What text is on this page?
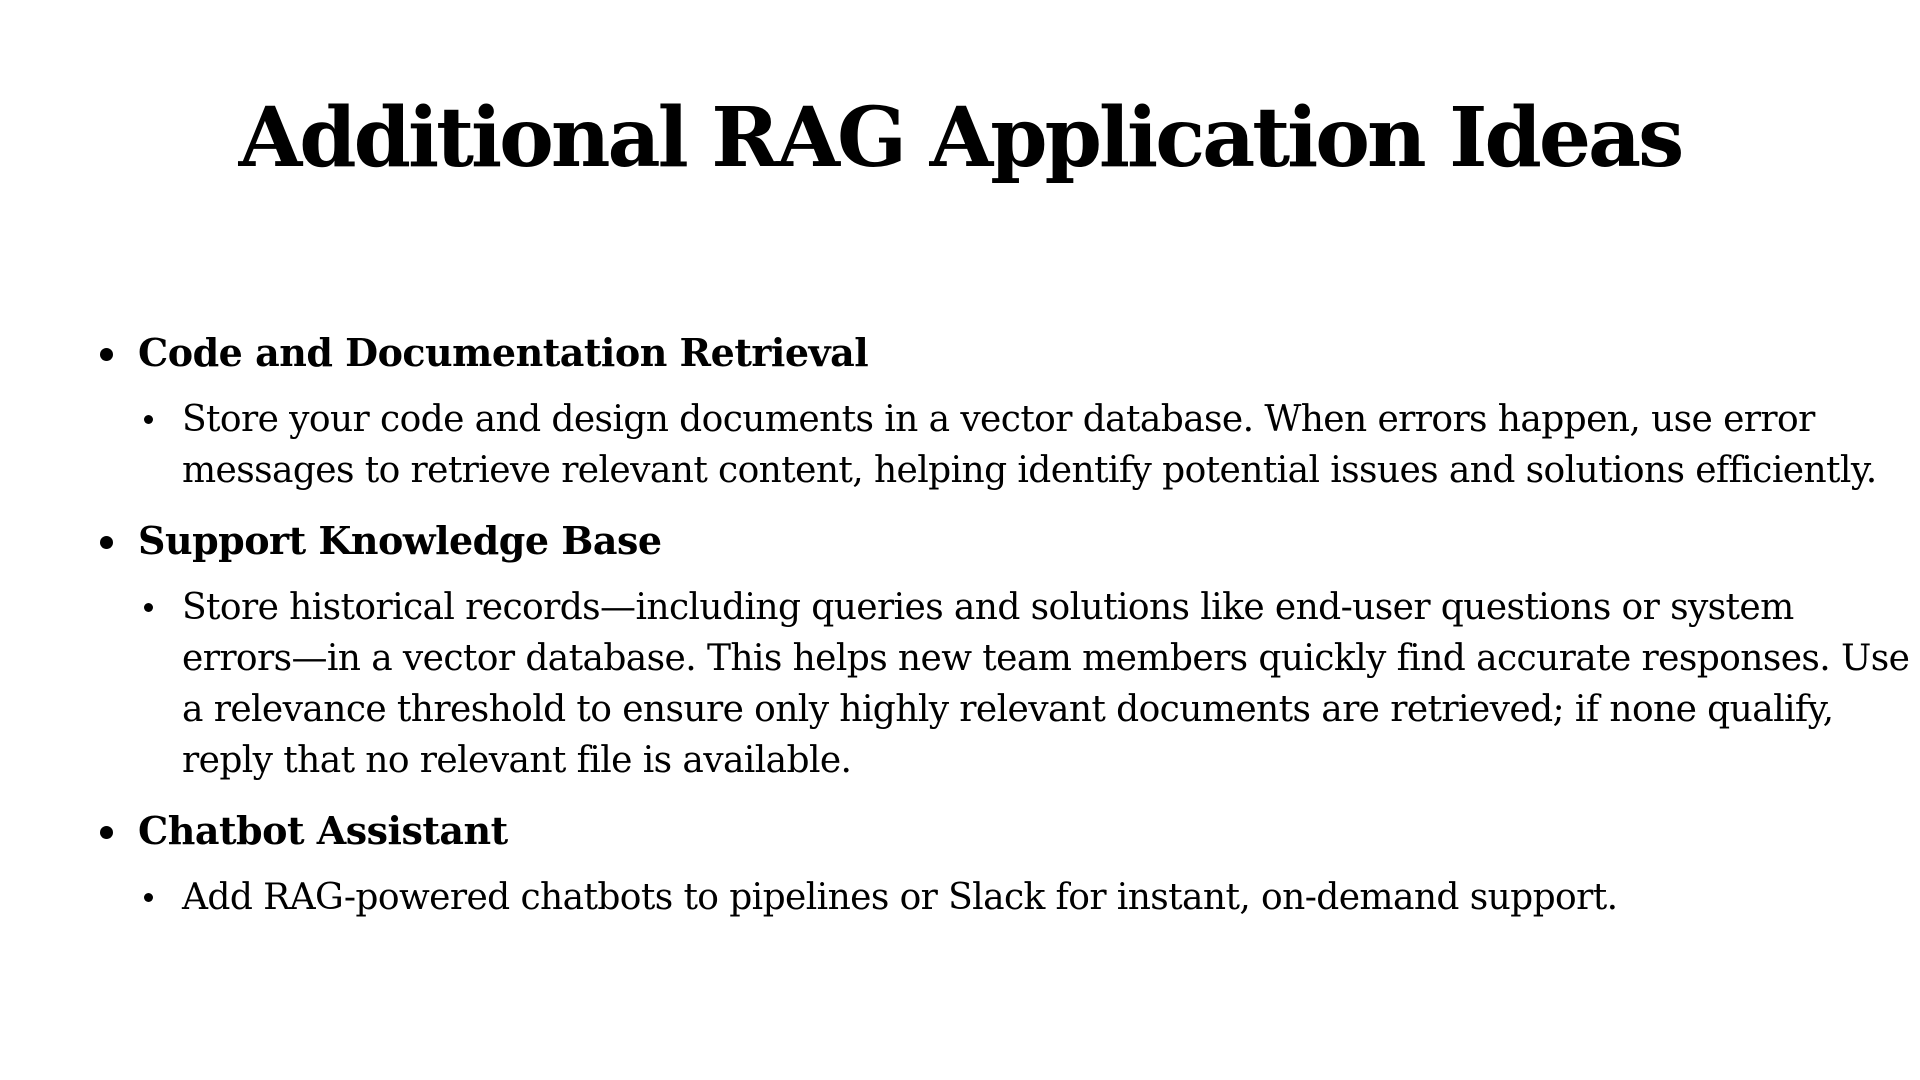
Additional RAG Application Ideas
Code and Documentation Retrieval
Store your code and design documents in a vector database. When errors happen, use error messages to retrieve relevant content, helping identify potential issues and solutions efficiently.
Support Knowledge Base
Store historical records—including queries and solutions like end-user questions or system errors—in a vector database. This helps new team members quickly find accurate responses. Use a relevance threshold to ensure only highly relevant documents are retrieved; if none qualify, reply that no relevant file is available.
Chatbot Assistant
Add RAG-powered chatbots to pipelines or Slack for instant, on-demand support.
